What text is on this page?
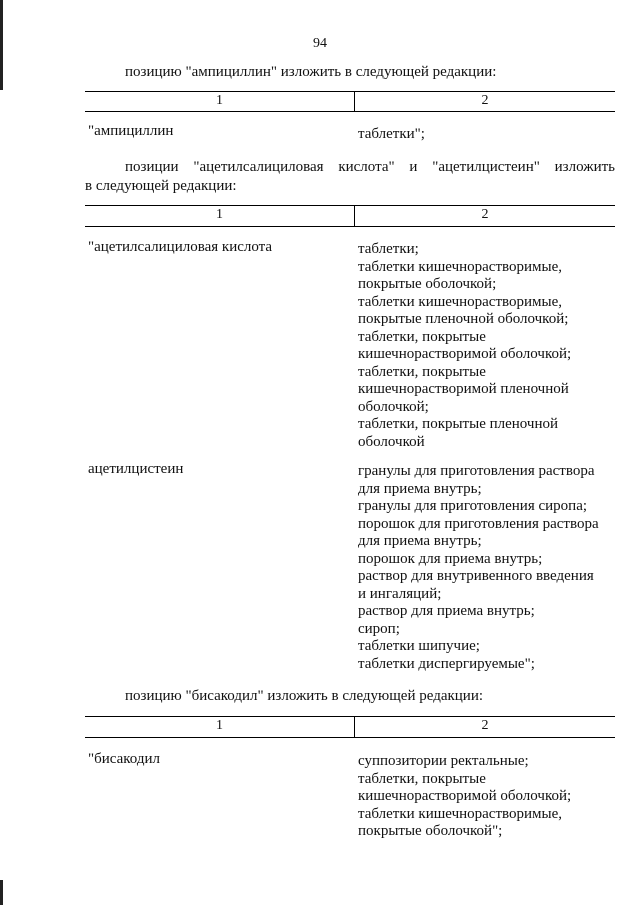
94
позицию "ампициллин" изложить в следующей редакции:
1	2
"ампициллин	таблетки";
позиции "ацетилсалициловая кислота" и "ацетилцистеин" изложить
в следующей редакции:
1	2
"ацетилсалициловая кислота	таблетки;
таблетки кишечнорастворимые,
покрытые оболочкой;
таблетки кишечнорастворимые,
покрытые пленочной оболочкой;
таблетки, покрытые
кишечнорастворимой оболочкой;
таблетки, покрытые
кишечнорастворимой пленочной
оболочкой;
таблетки, покрытые пленочной
оболочкой
ацетилцистеин	гранулы для приготовления раствора
для приема внутрь;
гранулы для приготовления сиропа;
порошок для приготовления раствора
для приема внутрь;
порошок для приема внутрь;
раствор для внутривенного введения
и ингаляций;
раствор для приема внутрь;
сироп;
таблетки шипучие;
таблетки диспергируемые";
позицию "бисакодил" изложить в следующей редакции:
1	2
"бисакодил	суппозитории ректальные;
таблетки, покрытые
кишечнорастворимой оболочкой;
таблетки кишечнорастворимые,
покрытые оболочкой";
